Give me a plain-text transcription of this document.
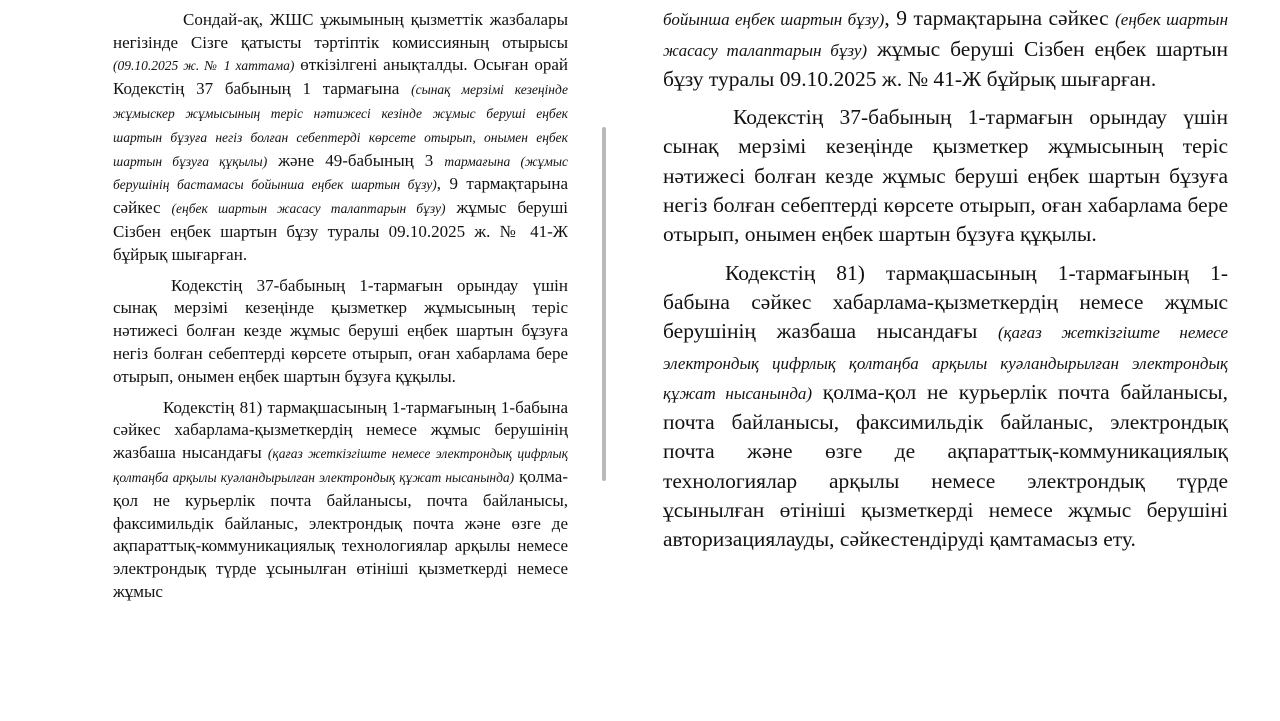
Сондай-ақ, ЖШС ұжымының қызметтік жазбалары негізінде Сізге қатысты тәртіптік комиссияның отырысы (09.10.2025 ж. № 1 хаттама) өткізілгені анықталды. Осыған орай Кодекстің 37 бабының 1 тармағына (сынақ мерзімі кезеңінде жұмыскер жұмысының теріс нәтижесі кезінде жұмыс беруші еңбек шартын бұзуға негіз болған себептерді көрсете отырып, онымен еңбек шартын бұзуға құқылы) және 49-бабының 3 тармағына (жұмыс берушінің бастамасы бойынша еңбек шартын бұзу), 9 тармақтарына сәйкес (еңбек шартын жасасу талаптарын бұзу) жұмыс беруші Сізбен еңбек шартын бұзу туралы 09.10.2025 ж. № 41-Ж бұйрық шығарған.

Кодекстің 37-бабының 1-тармағын орындау үшін сынақ мерзімі кезеңінде қызметкер жұмысының теріс нәтижесі болған кезде жұмыс беруші еңбек шартын бұзуға негіз болған себептерді көрсете отырып, оған хабарлама бере отырып, онымен еңбек шартын бұзуға құқылы.

Кодекстің 81) тармақшасының 1-тармағының 1-бабына сәйкес хабарлама-қызметкердің немесе жұмыс берушінің жазбаша нысандағы (қағаз жеткізгіште немесе электрондық цифрлық қолтаңба арқылы куәландырылған электрондық құжат нысанында) қолма-қол не курьерлік почта байланысы, почта байланысы, факсимильдік байланыс, электрондық почта және өзге де ақпараттық-коммуникациялық технологиялар арқылы немесе электрондық түрде ұсынылған өтініші қызметкерді немесе жұмыс

бойынша еңбек шартын бұзу), 9 тармақтарына сәйкес (еңбек шартын жасасу талаптарын бұзу) жұмыс беруші Сізбен еңбек шартын бұзу туралы 09.10.2025 ж. № 41-Ж бұйрық шығарған.

Кодекстің 37-бабының 1-тармағын орындау үшін сынақ мерзімі кезеңінде қызметкер жұмысының теріс нәтижесі болған кезде жұмыс беруші еңбек шартын бұзуға негіз болған себептерді көрсете отырып, оған хабарлама бере отырып, онымен еңбек шартын бұзуға құқылы.

Кодекстің 81) тармақшасының 1-тармағының 1-бабына сәйкес хабарлама-қызметкердің немесе жұмыс берушінің жазбаша нысандағы (қағаз жеткізгіште немесе электрондық цифрлық қолтаңба арқылы куәландырылған электрондық құжат нысанында) қолма-қол не курьерлік почта байланысы, почта байланысы, факсимильдік байланыс, электрондық почта және өзге де ақпараттық-коммуникациялық технологиялар арқылы немесе электрондық түрде ұсынылған өтініші қызметкерді немесе жұмыс берушіні авторизациялауды, сәйкестендіруді қамтамасыз ету.
